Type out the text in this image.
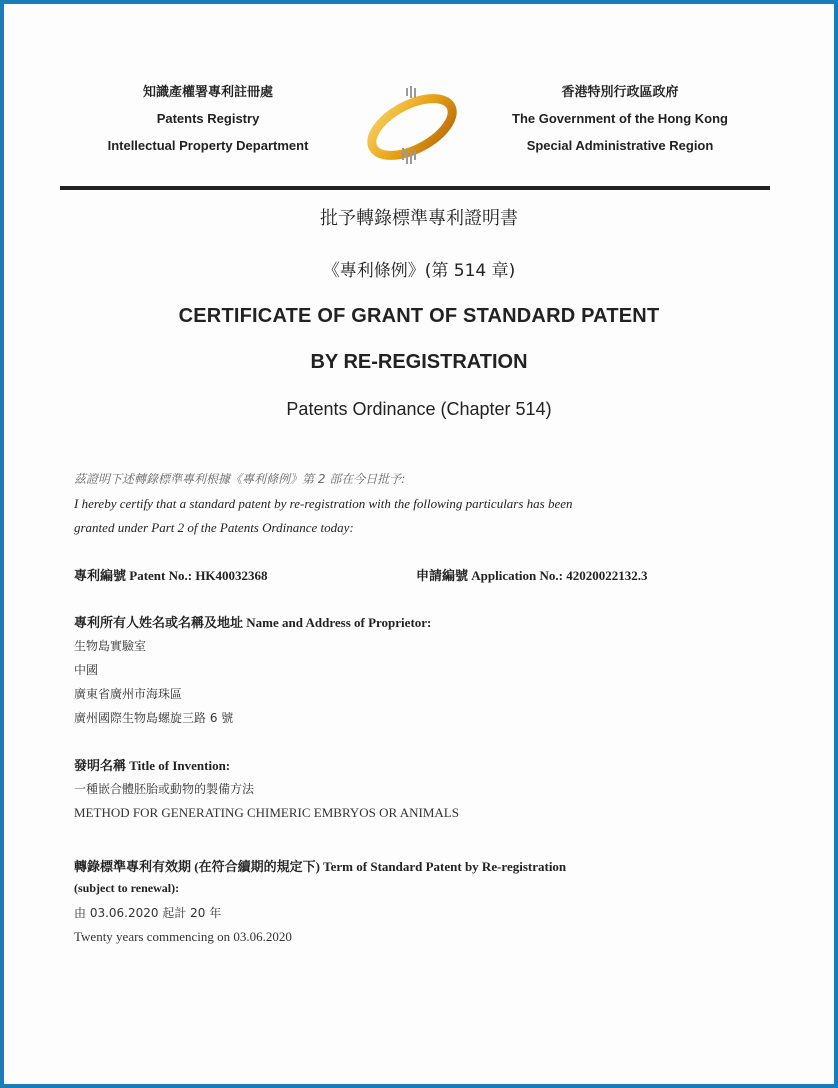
知識產權署專利註冊處
Patents Registry
Intellectual Property Department
香港特別行政區政府
The Government of the Hong Kong
Special Administrative Region
批予轉錄標準專利證明書
《專利條例》(第 514 章)
CERTIFICATE OF GRANT OF STANDARD PATENT
BY RE-REGISTRATION
Patents Ordinance (Chapter 514)
茲證明下述轉錄標準專利根據《專利條例》第 2 部在今日批予:
I hereby certify that a standard patent by re-registration with the following particulars has been
granted under Part 2 of the Patents Ordinance today:
專利編號 Patent No.: HK40032368	申請編號 Application No.: 42020022132.3
專利所有人姓名或名稱及地址 Name and Address of Proprietor:
生物島實驗室
中國
廣東省廣州市海珠區
廣州國際生物島螺旋三路 6 號
發明名稱 Title of Invention:
一種嵌合體胚胎或動物的製備方法
METHOD FOR GENERATING CHIMERIC EMBRYOS OR ANIMALS
轉錄標準專利有效期 (在符合續期的規定下) Term of Standard Patent by Re-registration
(subject to renewal):
由 03.06.2020 起計 20 年
Twenty years commencing on 03.06.2020
